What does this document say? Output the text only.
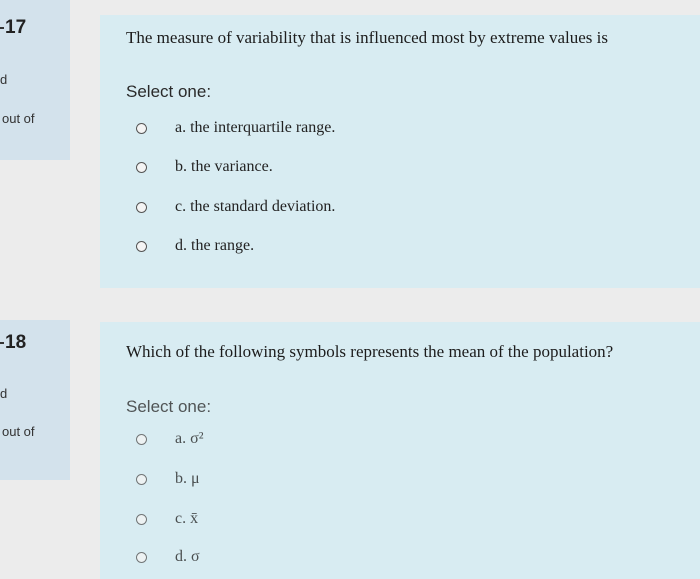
17
d
out of
The measure of variability that is influenced most by extreme values is
Select one:
a. the interquartile range.
b. the variance.
c. the standard deviation.
d. the range.
18
d
out of
Which of the following symbols represents the mean of the population?
Select one:
a. σ²
b. μ
c. x̄
d. σ
